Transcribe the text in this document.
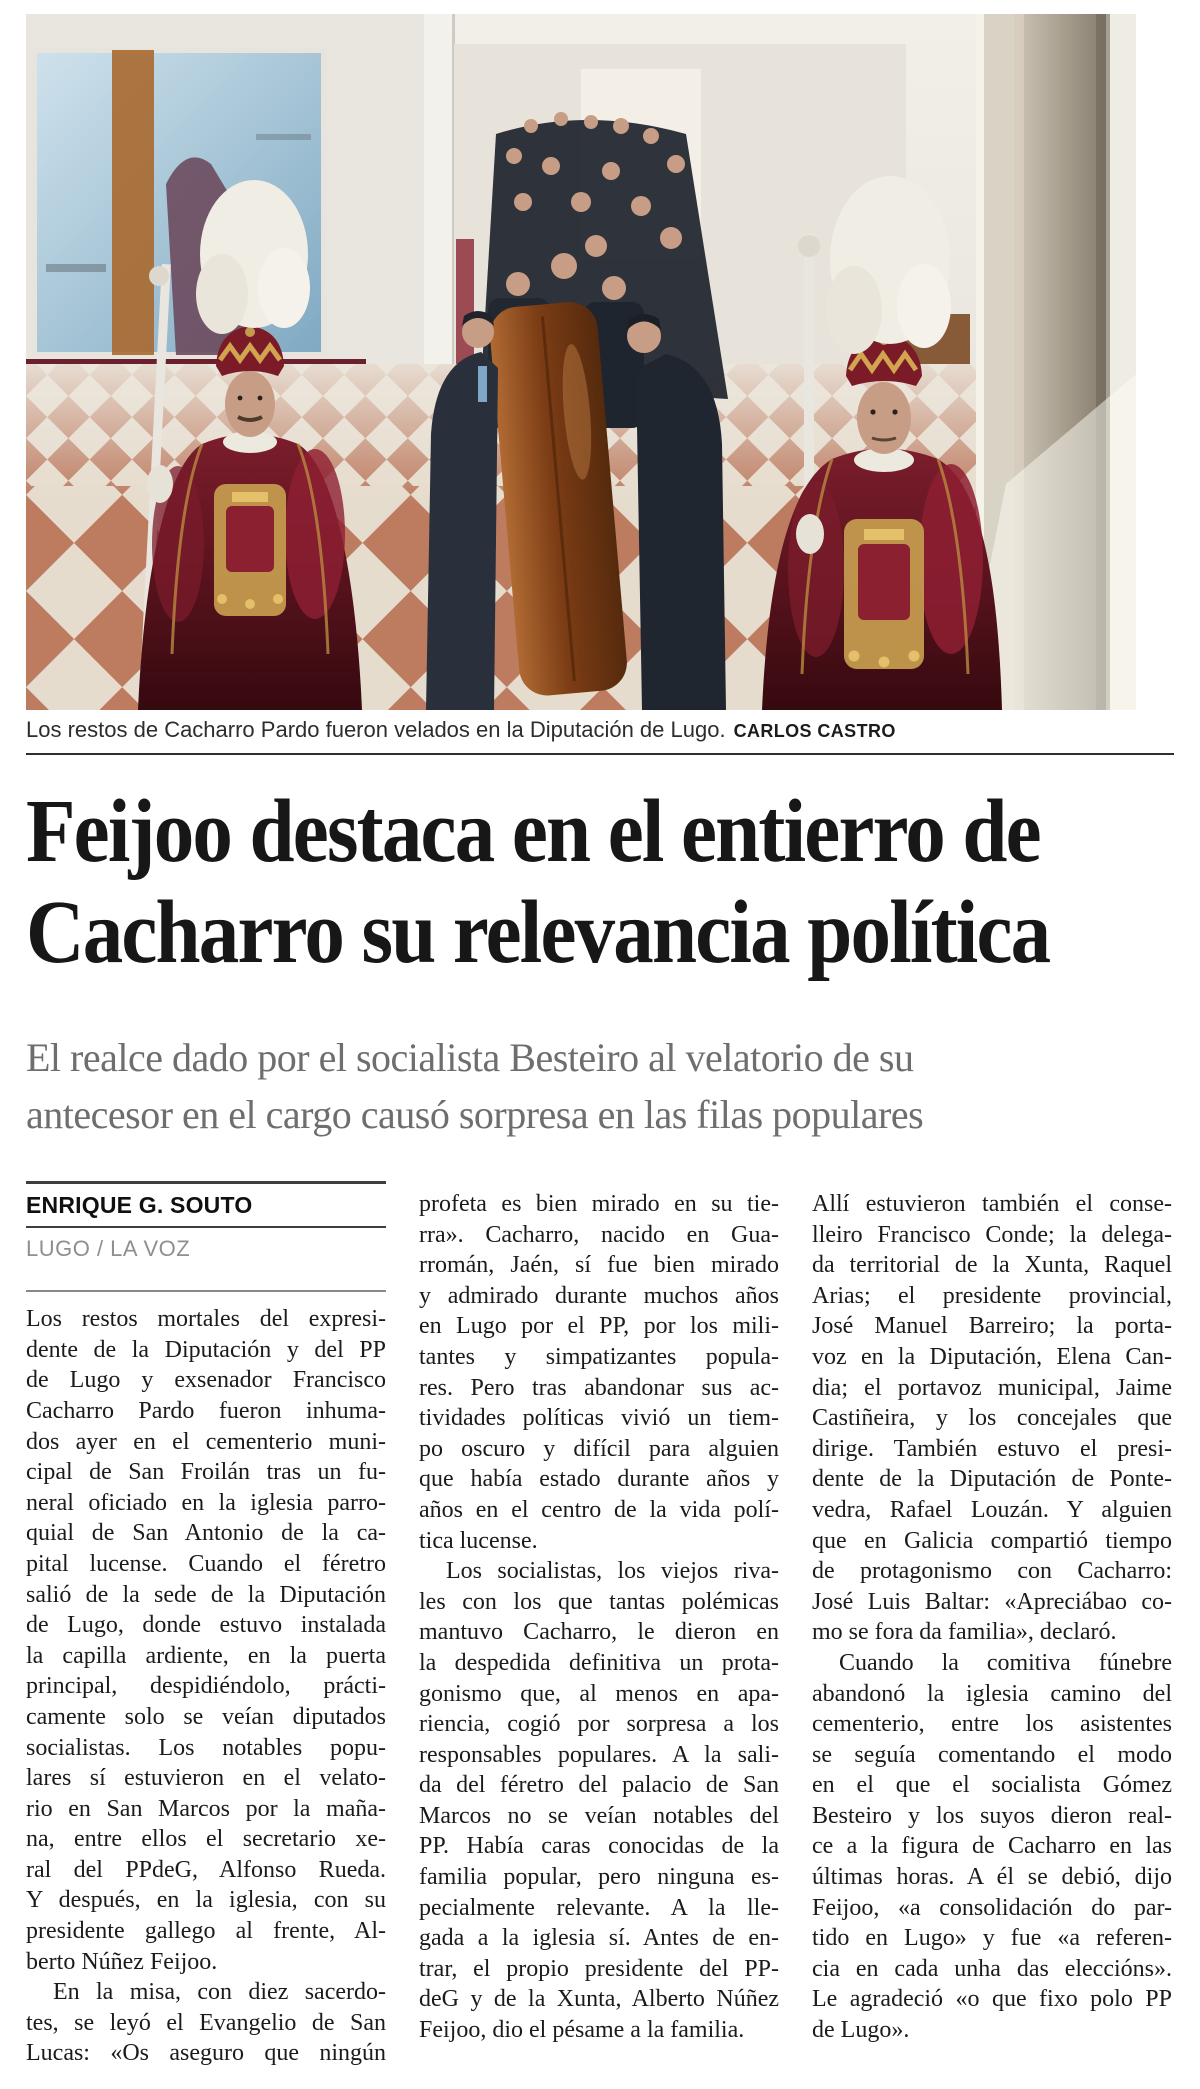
Los restos de Cacharro Pardo fueron velados en la Diputación de Lugo. CARLOS CASTRO
Feijoo destaca en el entierro de
Cacharro su relevancia política
El realce dado por el socialista Besteiro al velatorio de su
antecesor en el cargo causó sorpresa en las filas populares
ENRIQUE G. SOUTO
LUGO / LA VOZ
Los restos mortales del expresi-
dente de la Diputación y del PP
de Lugo y exsenador Francisco
Cacharro Pardo fueron inhuma-
dos ayer en el cementerio muni-
cipal de San Froilán tras un fu-
neral oficiado en la iglesia parro-
quial de San Antonio de la ca-
pital lucense. Cuando el féretro
salió de la sede de la Diputación
de Lugo, donde estuvo instalada
la capilla ardiente, en la puerta
principal, despidiéndolo, prácti-
camente solo se veían diputados
socialistas. Los notables popu-
lares sí estuvieron en el velato-
rio en San Marcos por la maña-
na, entre ellos el secretario xe-
ral del PPdeG, Alfonso Rueda.
Y después, en la iglesia, con su
presidente gallego al frente, Al-
berto Núñez Feijoo.
En la misa, con diez sacerdo-
tes, se leyó el Evangelio de San
Lucas: «Os aseguro que ningún
profeta es bien mirado en su tie-
rra». Cacharro, nacido en Gua-
rromán, Jaén, sí fue bien mirado
y admirado durante muchos años
en Lugo por el PP, por los mili-
tantes y simpatizantes popula-
res. Pero tras abandonar sus ac-
tividades políticas vivió un tiem-
po oscuro y difícil para alguien
que había estado durante años y
años en el centro de la vida polí-
tica lucense.
Los socialistas, los viejos riva-
les con los que tantas polémicas
mantuvo Cacharro, le dieron en
la despedida definitiva un prota-
gonismo que, al menos en apa-
riencia, cogió por sorpresa a los
responsables populares. A la sali-
da del féretro del palacio de San
Marcos no se veían notables del
PP. Había caras conocidas de la
familia popular, pero ninguna es-
pecialmente relevante. A la lle-
gada a la iglesia sí. Antes de en-
trar, el propio presidente del PP-
deG y de la Xunta, Alberto Núñez
Feijoo, dio el pésame a la familia.
Allí estuvieron también el conse-
lleiro Francisco Conde; la delega-
da territorial de la Xunta, Raquel
Arias; el presidente provincial,
José Manuel Barreiro; la porta-
voz en la Diputación, Elena Can-
dia; el portavoz municipal, Jaime
Castiñeira, y los concejales que
dirige. También estuvo el presi-
dente de la Diputación de Ponte-
vedra, Rafael Louzán. Y alguien
que en Galicia compartió tiempo
de protagonismo con Cacharro:
José Luis Baltar: «Apreciábao co-
mo se fora da familia», declaró.
Cuando la comitiva fúnebre
abandonó la iglesia camino del
cementerio, entre los asistentes
se seguía comentando el modo
en el que el socialista Gómez
Besteiro y los suyos dieron real-
ce a la figura de Cacharro en las
últimas horas. A él se debió, dijo
Feijoo, «a consolidación do par-
tido en Lugo» y fue «a referen-
cia en cada unha das eleccións».
Le agradeció «o que fixo polo PP
de Lugo».
